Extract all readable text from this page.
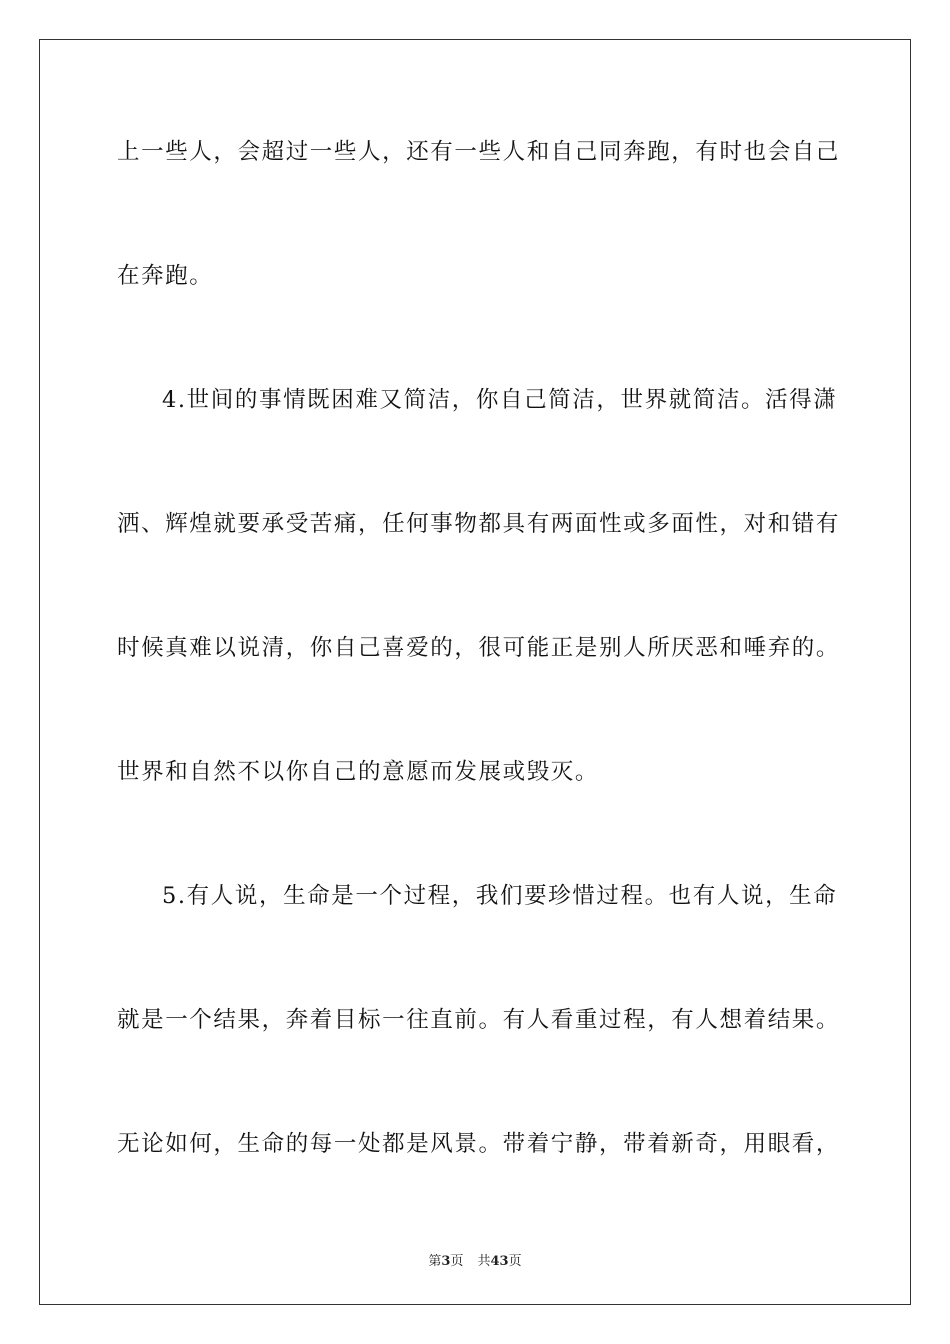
上一些人，会超过一些人，还有一些人和自己同奔跑，有时也会自己
在奔跑。
4.世间的事情既困难又简洁，你自己简洁，世界就简洁。活得潇
洒、辉煌就要承受苦痛，任何事物都具有两面性或多面性，对和错有
时候真难以说清，你自己喜爱的，很可能正是别人所厌恶和唾弃的。
世界和自然不以你自己的意愿而发展或毁灭。
5.有人说，生命是一个过程，我们要珍惜过程。也有人说，生命
就是一个结果，奔着目标一往直前。有人看重过程，有人想着结果。
无论如何，生命的每一处都是风景。带着宁静，带着新奇，用眼看，
第3页 共43页
